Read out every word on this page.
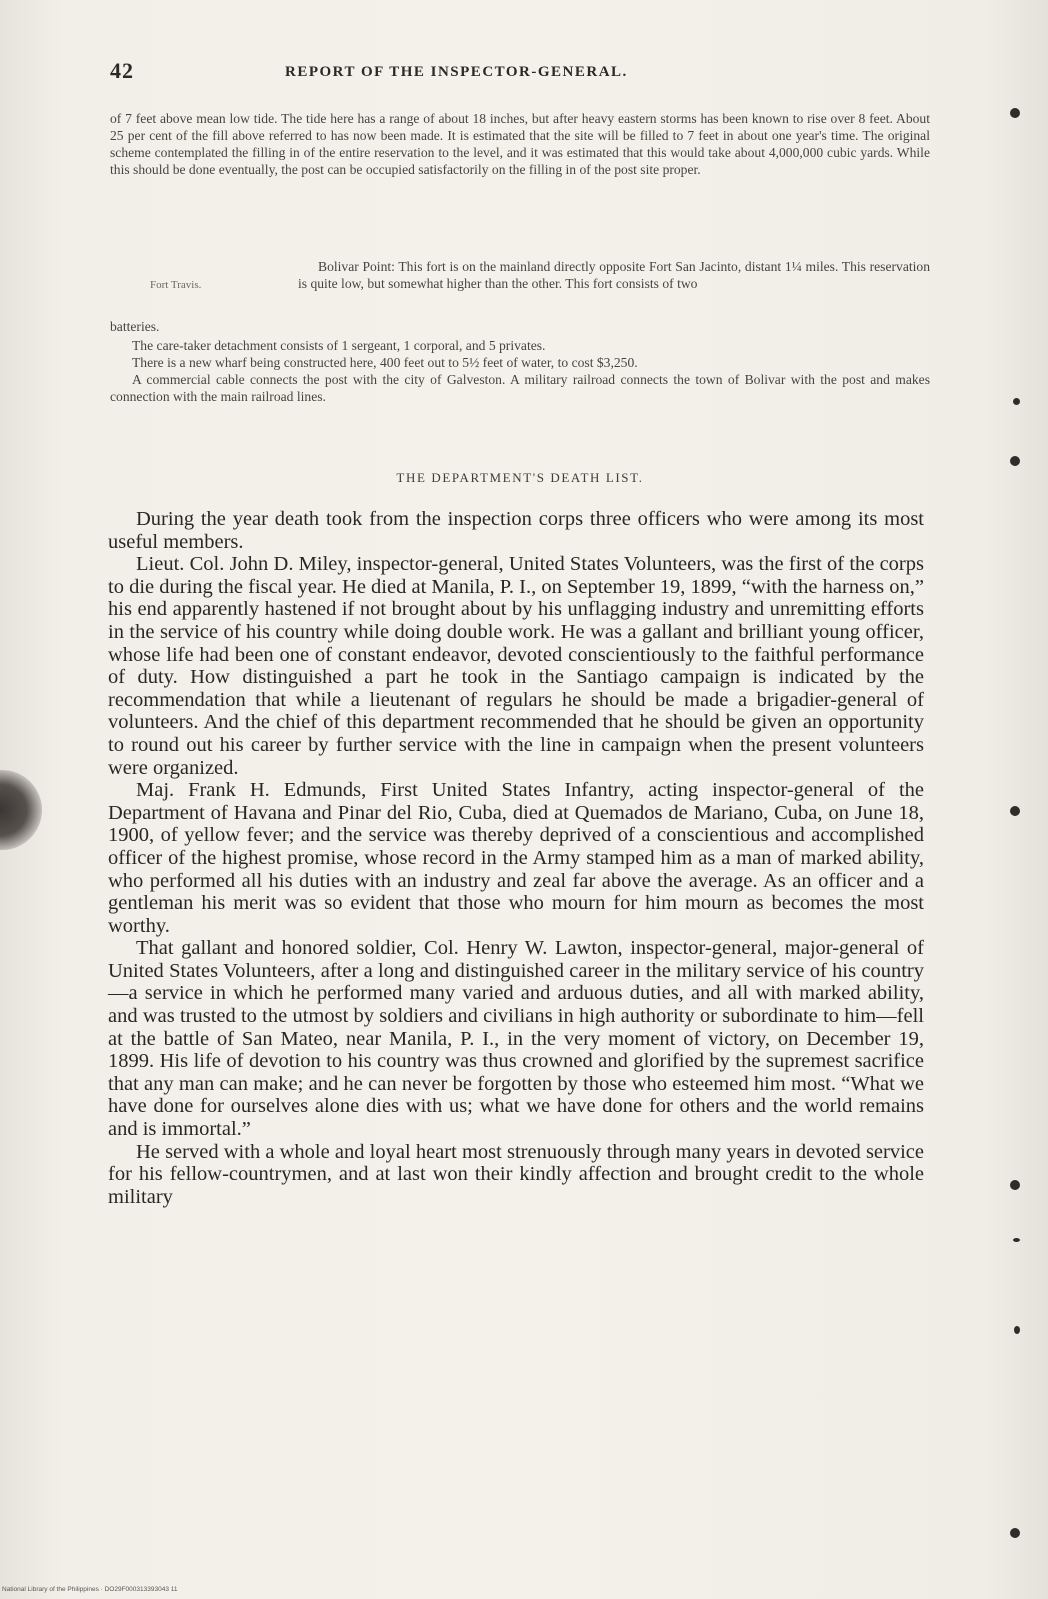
42	REPORT OF THE INSPECTOR-GENERAL.

of 7 feet above mean low tide. The tide here has a range of about 18 inches, but after heavy eastern storms has been known to rise over 8 feet. About 25 per cent of the fill above referred to has now been made. It is estimated that the site will be filled to 7 feet in about one year's time. The original scheme contemplated the filling in of the entire reservation to the level, and it was estimated that this would take about 4,000,000 cubic yards. While this should be done eventually, the post can be occupied satisfactorily on the filling in of the post site proper.

Fort Travis.
Bolivar Point: This fort is on the mainland directly opposite Fort San Jacinto, distant 1¼ miles. This reservation is quite low, but somewhat higher than the other. This fort consists of two
batteries.

The care-taker detachment consists of 1 sergeant, 1 corporal, and 5 privates.

There is a new wharf being constructed here, 400 feet out to 5½ feet of water, to cost $3,250.

A commercial cable connects the post with the city of Galveston. A military railroad connects the town of Bolivar with the post and makes connection with the main railroad lines.

THE DEPARTMENT'S DEATH LIST.

During the year death took from the inspection corps three officers who were among its most useful members.

Lieut. Col. John D. Miley, inspector-general, United States Volunteers, was the first of the corps to die during the fiscal year. He died at Manila, P. I., on September 19, 1899, “with the harness on,” his end apparently hastened if not brought about by his unflagging industry and unremitting efforts in the service of his country while doing double work. He was a gallant and brilliant young officer, whose life had been one of constant endeavor, devoted conscientiously to the faithful performance of duty. How distinguished a part he took in the Santiago campaign is indicated by the recommendation that while a lieutenant of regulars he should be made a brigadier-general of volunteers. And the chief of this department recommended that he should be given an opportunity to round out his career by further service with the line in campaign when the present volunteers were organized.

Maj. Frank H. Edmunds, First United States Infantry, acting inspector-general of the Department of Havana and Pinar del Rio, Cuba, died at Quemados de Mariano, Cuba, on June 18, 1900, of yellow fever; and the service was thereby deprived of a conscientious and accomplished officer of the highest promise, whose record in the Army stamped him as a man of marked ability, who performed all his duties with an industry and zeal far above the average. As an officer and a gentleman his merit was so evident that those who mourn for him mourn as becomes the most worthy.

That gallant and honored soldier, Col. Henry W. Lawton, inspector-general, major-general of United States Volunteers, after a long and distinguished career in the military service of his country—a service in which he performed many varied and arduous duties, and all with marked ability, and was trusted to the utmost by soldiers and civilians in high authority or subordinate to him—fell at the battle of San Mateo, near Manila, P. I., in the very moment of victory, on December 19, 1899. His life of devotion to his country was thus crowned and glorified by the supremest sacrifice that any man can make; and he can never be forgotten by those who esteemed him most. “What we have done for ourselves alone dies with us; what we have done for others and the world remains and is immortal.”

He served with a whole and loyal heart most strenuously through many years in devoted service for his fellow-countrymen, and at last won their kindly affection and brought credit to the whole military

National Library of the Philippines · DO29F000313393043 11
